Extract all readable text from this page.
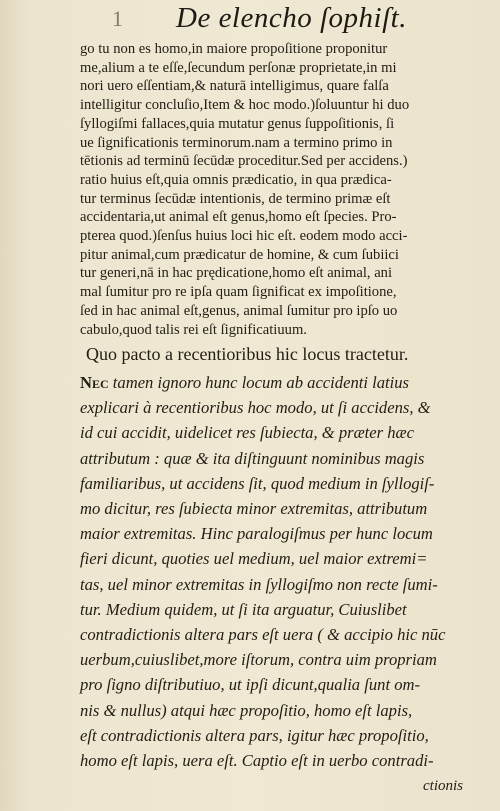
1 De elencho ſophiſt.
go tu non es homo,in maiore propoſitione proponitur
me,alium a te eſſe,ſecundum perſonæ proprietate,in mi
nori uero eſſentiam,& naturā intelligimus, quare falſa
intelligitur concluſio,Item & hoc modo.)ſoluuntur hi duo
ſyllogiſmi fallaces,quia mutatur genus ſuppoſitionis, ſi
ue ſignificationis terminorum.nam a termino primo in
tētionis ad terminū ſecūdæ proceditur.Sed per accidens.)
ratio huius eſt,quia omnis prædicatio, in qua prædica-
tur terminus ſecūdæ intentionis, de termino primæ eſt
accidentaria,ut animal eſt genus,homo eſt ſpecies. Pro-
pterea quod.)ſenſus huius loci hic eſt. eodem modo acci-
pitur animal,cum prædicatur de homine, & cum ſubiici
tur generi,nā in hac prędicatione,homo eſt animal, ani
mal ſumitur pro re ipſa quam ſignificat ex impoſitione,
ſed in hac animal eſt,genus, animal ſumitur pro ipſo uo
cabulo,quod talis rei eſt ſignificatiuum.
Quo pacto a recentioribus hic locus tractetur.
Nec tamen ignoro hunc locum ab accidenti latius
explicari à recentioribus hoc modo, ut ſi accidens, &
id cui accidit, uidelicet res ſubiecta, & præter hæc
attributum : quæ & ita diſtinguunt nominibus magis
familiaribus, ut accidens ſit, quod medium in ſyllogiſ-
mo dicitur, res ſubiecta minor extremitas, attributum
maior extremitas. Hinc paralogiſmus per hunc locum
fieri dicunt, quoties uel medium, uel maior extremi=
tas, uel minor extremitas in ſyllogiſmo non recte ſumi-
tur. Medium quidem, ut ſi ita arguatur, Cuiuslibet
contradictionis altera pars eſt uera ( & accipio hic nūc
uerbum,cuiuslibet,more iſtorum, contra uim propriam
pro ſigno diſtributiuo, ut ipſi dicunt,qualia ſunt om-
nis & nullus) atqui hæc propoſitio, homo eſt lapis,
eſt contradictionis altera pars, igitur hæc propoſitio,
homo eſt lapis, uera eſt. Captio eſt in uerbo contradi-
ctionis
